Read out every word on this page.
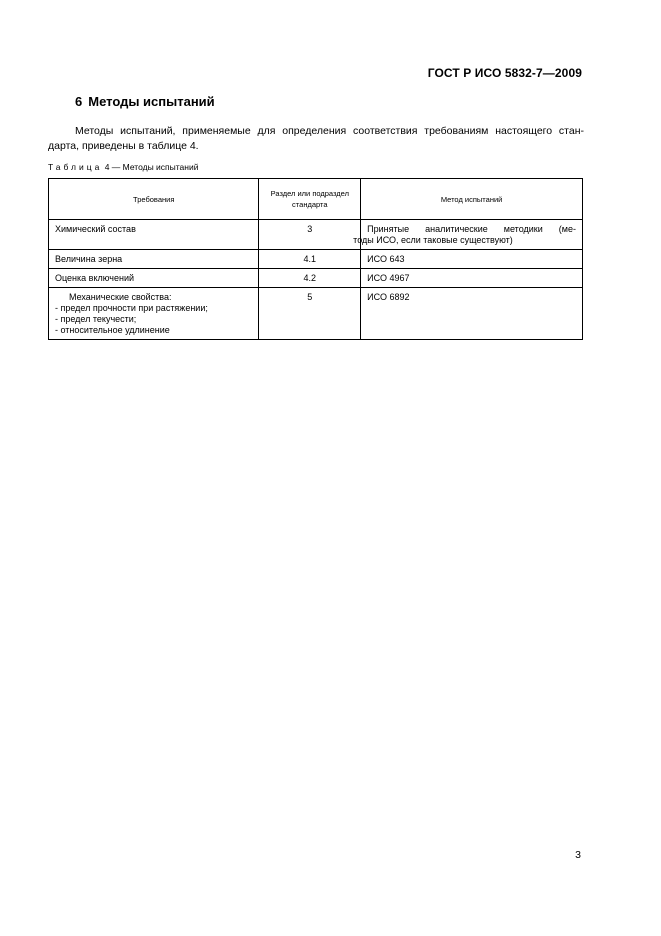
ГОСТ Р ИСО 5832-7—2009
6 Методы испытаний
Методы испытаний, применяемые для определения соответствия требованиям настоящего стан-
дарта, приведены в таблице 4.
Таблица 4 — Методы испытаний
Требования	Раздел или подраздел стандарта	Метод испытаний
Химический состав	3	Принятые аналитические методики (ме-
тоды ИСО, если таковые существуют)

Величина зерна	4.1	ИСО 643
Оценка включений	4.2	ИСО 4967

Механические свойства:
- предел прочности при растяжении;
- предел текучести;
- относительное удлинение	5	ИСО 6892
3
